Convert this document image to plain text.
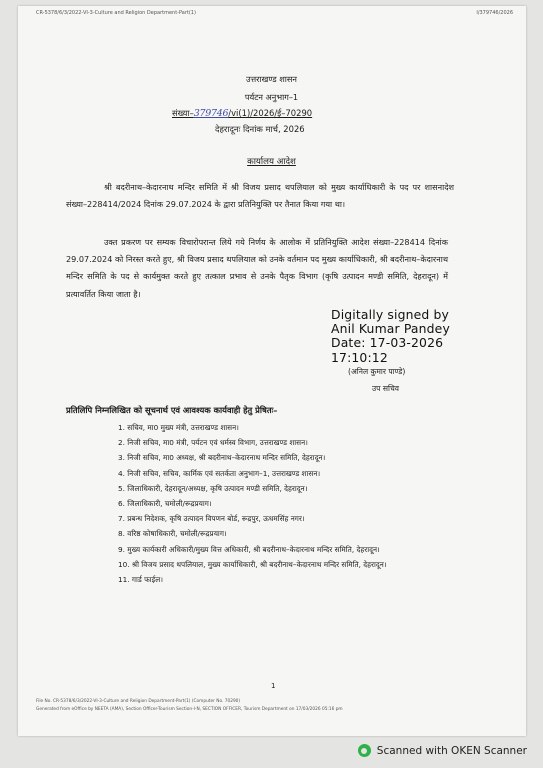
CR-5378/6/3/2022-VI-3-Culture and Religion Department-Part(1)	I/379746/2026
उत्तराखण्ड शासन
पर्यटन अनुभाग–1
संख्या–379746/vi(1)/2026/ई–70290
देहरादूनः दिनांक मार्च, 2026
कार्यालय आदेश
श्री बदरीनाथ–केदारनाथ मन्दिर समिति में श्री विजय प्रसाद थपलियाल को मुख्य कार्याधिकारी के पद पर शासनादेश संख्या–228414/2024 दिनांक 29.07.2024 के द्वारा प्रतिनियुक्ति पर तैनात किया गया था।
उक्त प्रकरण पर सम्यक विचारोपरान्त लिये गये निर्णय के आलोक में प्रतिनियुक्ति आदेश संख्या–228414 दिनांक 29.07.2024 को निरस्त करते हुए, श्री विजय प्रसाद थपलियाल को उनके वर्तमान पद मुख्य कार्याधिकारी, श्री बदरीनाथ–केदारनाथ मन्दिर समिति के पद से कार्यमुक्त करते हुए तत्काल प्रभाव से उनके पैतृक विभाग (कृषि उत्पादन मण्डी समिति, देहरादून) में प्रत्यावर्तित किया जाता है।
Digitally signed by
Anil Kumar Pandey
Date: 17-03-2026
17:10:12
(अनिल कुमार पाण्डे)
उप सचिव
प्रतिलिपि निम्नलिखित को सूचनार्थ एवं आवश्यक कार्यवाही हेतु प्रेषितः–
1. सचिव, मा0 मुख्य मंत्री, उत्तराखण्ड शासन।
2. निजी सचिव, मा0 मंत्री, पर्यटन एवं धर्मस्व विभाग, उत्तराखण्ड शासन।
3. निजी सचिव, मा0 अध्यक्ष, श्री बदरीनाथ–केदारनाथ मन्दिर समिति, देहरादून।
4. निजी सचिव, सचिव, कार्मिक एवं सतर्कता अनुभाग–1, उत्तराखण्ड शासन।
5. जिलाधिकारी, देहरादून/अध्यक्ष, कृषि उत्पादन मण्डी समिति, देहरादून।
6. जिलाधिकारी, चमोली/रूद्रप्रयाग।
7. प्रबन्ध निदेशक, कृषि उत्पादन विपणन बोर्ड, रूद्रपुर, ऊधमसिंह नगर।
8. वरिष्ठ कोषाधिकारी, चमोली/रूद्रप्रयाग।
9. मुख्य कार्यकारी अधिकारी/मुख्य वित्त अधिकारी, श्री बदरीनाथ–केदारनाथ मन्दिर समिति, देहरादून।
10. श्री विजय प्रसाद थपलियाल, मुख्य कार्याधिकारी, श्री बदरीनाथ–केदारनाथ मन्दिर समिति, देहरादून।
11. गार्ड फाईल।
1
File No. CR-5378/6/3/2022-VI-3-Culture and Religion Department-Part(1) (Computer No. 70290)
Generated from eOffice by NEETA (AMA), Section Officer-Tourism Section-I-N, SECTION OFFICER, Tourism Department on 17/03/2026 05:16 pm
Scanned with OKEN Scanner
